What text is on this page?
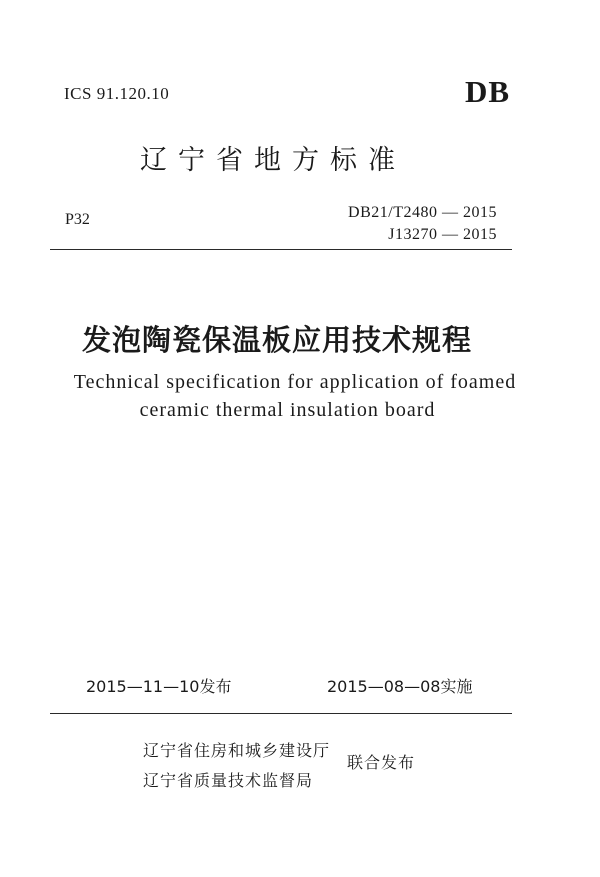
ICS 91.120.10	DB
辽宁省地方标准
P32	DB21/T2480 — 2015
J13270 — 2015
发泡陶瓷保温板应用技术规程
Technical specification for application of foamed
ceramic thermal insulation board
2015—11—10发布	2015—08—08实施
辽宁省住房和城乡建设厅
辽宁省质量技术监督局
联合发布
